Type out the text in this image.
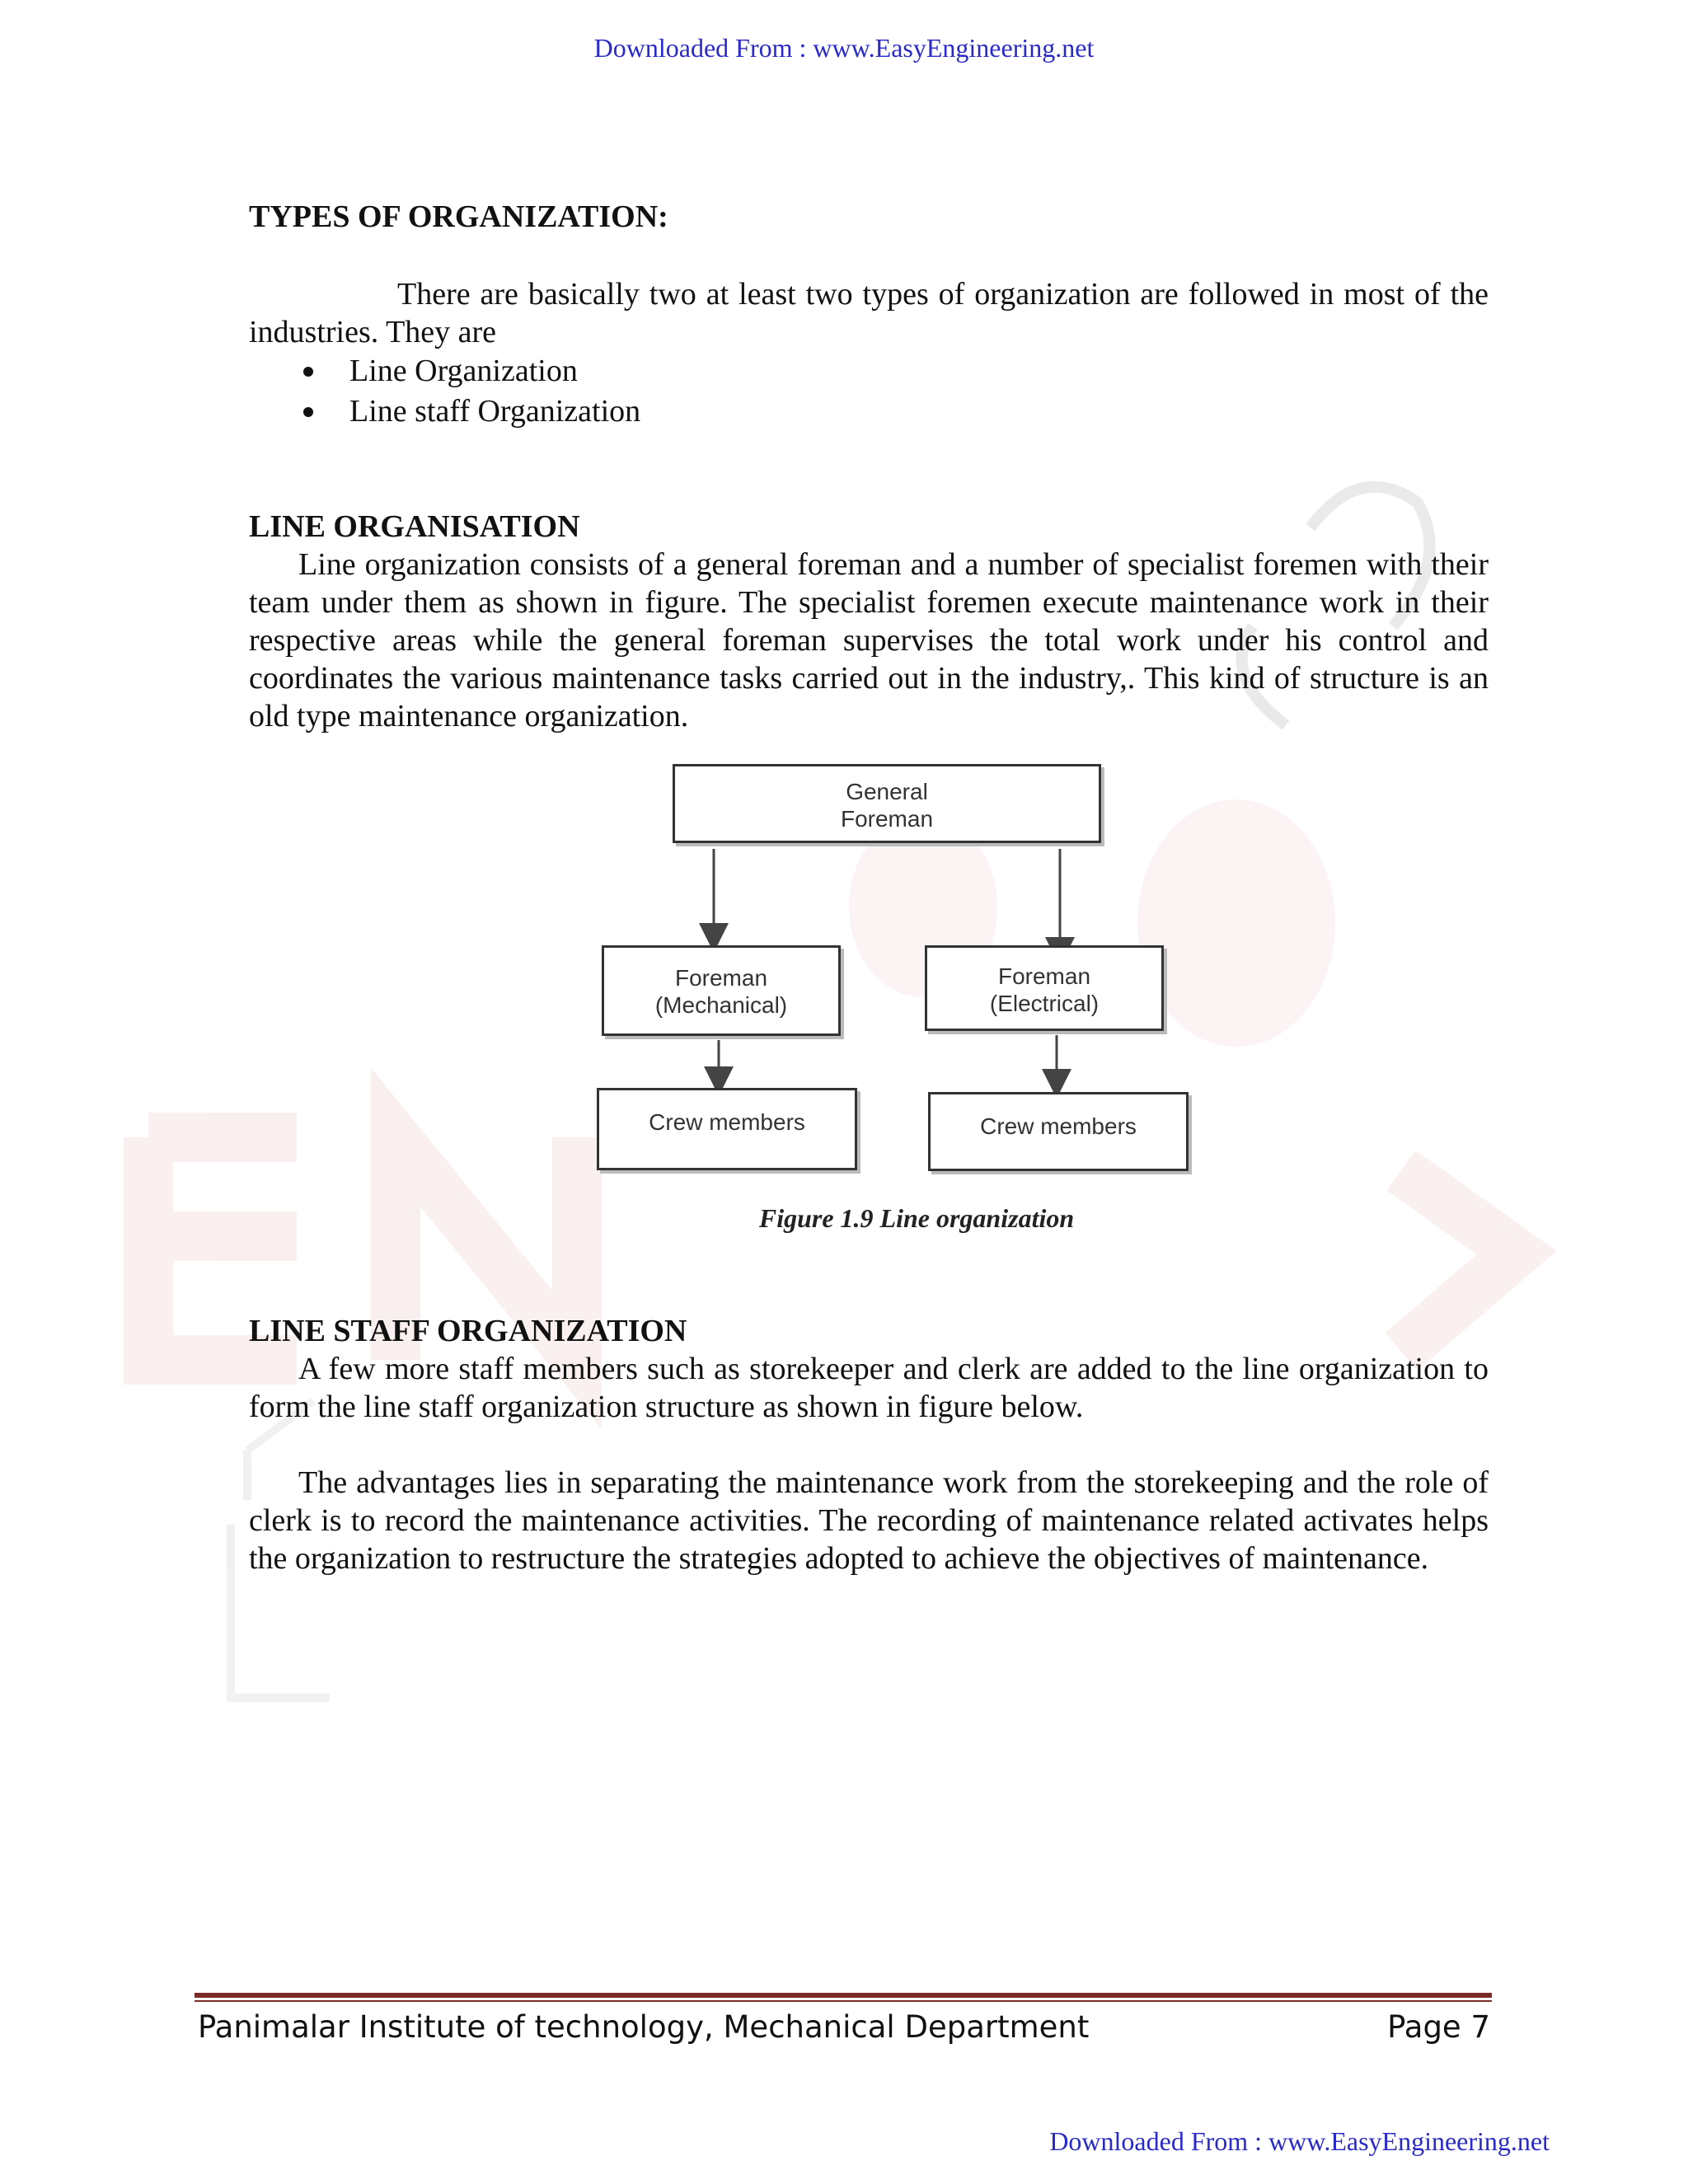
Downloaded From : www.EasyEngineering.net
TYPES OF ORGANIZATION:

There are basically two at least two types of organization are followed in most of the industries. They are

Line Organization
Line staff Organization
LINE ORGANISATION

Line organization consists of a general foreman and a number of specialist foremen with their team under them as shown in figure. The specialist foremen execute maintenance work in their respective areas while the general foreman supervises the total work under his control and coordinates the various maintenance tasks carried out in the industry,. This kind of structure is an old type maintenance organization.

General
Foreman
Foreman
(Mechanical)
Foreman
(Electrical)
Crew members	Crew members
Figure 1.9 Line organization
LINE STAFF ORGANIZATION

A few more staff members such as storekeeper and clerk are added to the line organization to form the line staff organization structure as shown in figure below.

The advantages lies in separating the maintenance work from the storekeeping and the role of clerk is to record the maintenance activities. The recording of maintenance related activates helps the organization to restructure the strategies adopted to achieve the objectives of maintenance.

Panimalar Institute of technology, Mechanical Department	Page 7
Downloaded From : www.EasyEngineering.net
